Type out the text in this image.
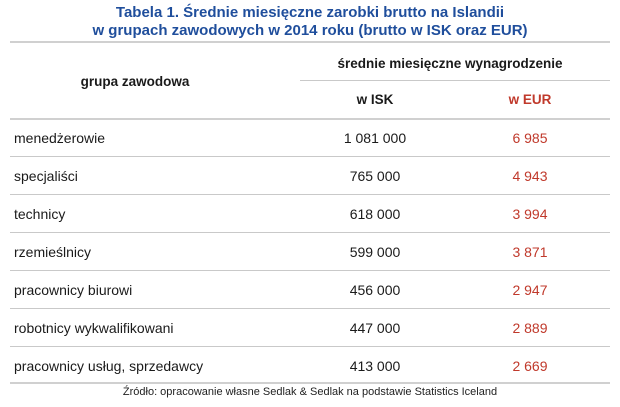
Tabela 1. Średnie miesięczne zarobki brutto na Islandii
w grupach zawodowych w 2014 roku (brutto w ISK oraz EUR)
grupa zawodowa
średnie miesięczne wynagrodzenie
w ISK	w EUR
menedżerowie	1 081 000	6 985
specjaliści	765 000	4 943
technicy	618 000	3 994
rzemieślnicy	599 000	3 871
pracownicy biurowi	456 000	2 947
robotnicy wykwalifikowani	447 000	2 889
pracownicy usług, sprzedawcy	413 000	2 669
Źródło: opracowanie własne Sedlak & Sedlak na podstawie Statistics Iceland
